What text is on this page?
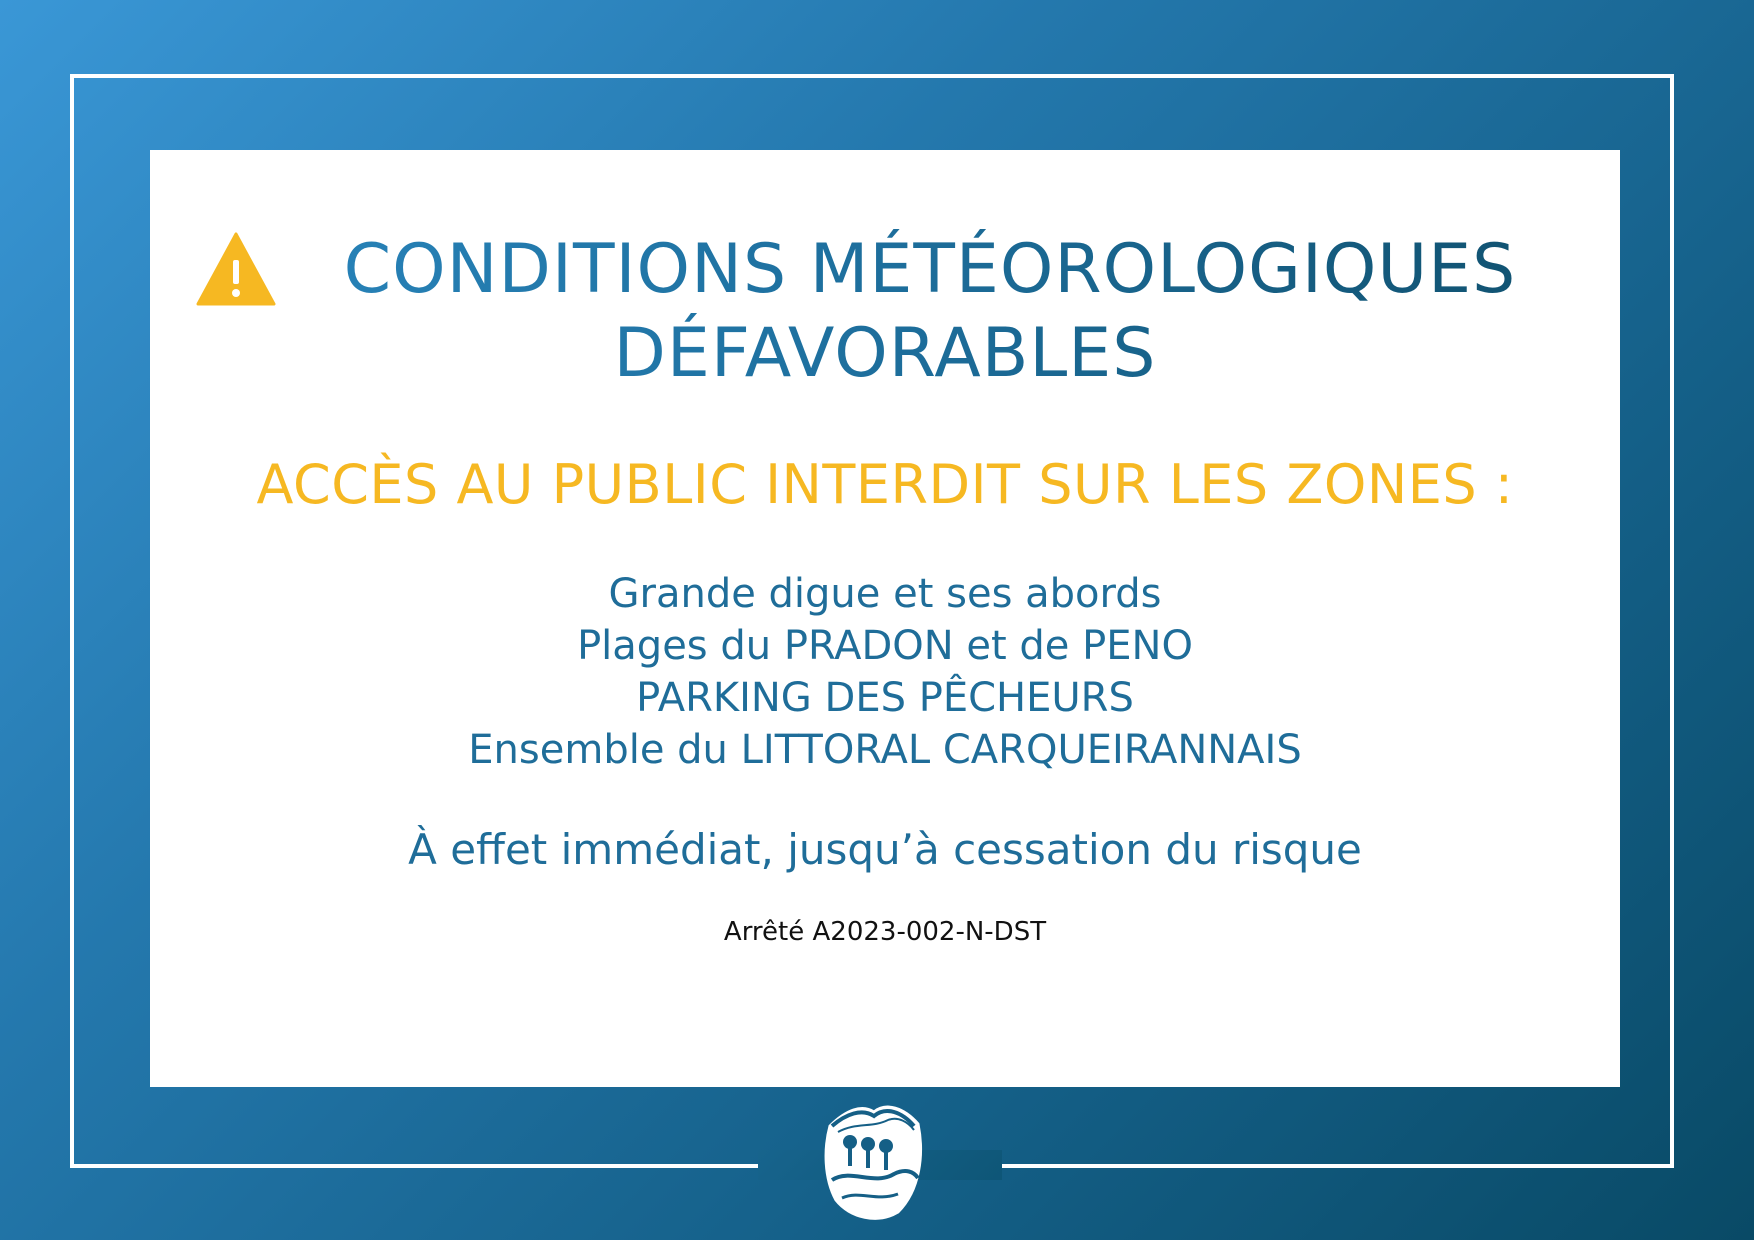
CONDITIONS MÉTÉOROLOGIQUES
DÉFAVORABLES
ACCÈS AU PUBLIC INTERDIT SUR LES ZONES :
Grande digue et ses abords
Plages du PRADON et de PENO
PARKING DES PÊCHEURS
Ensemble du LITTORAL CARQUEIRANNAIS
À effet immédiat, jusqu’à cessation du risque
Arrêté A2023-002-N-DST
